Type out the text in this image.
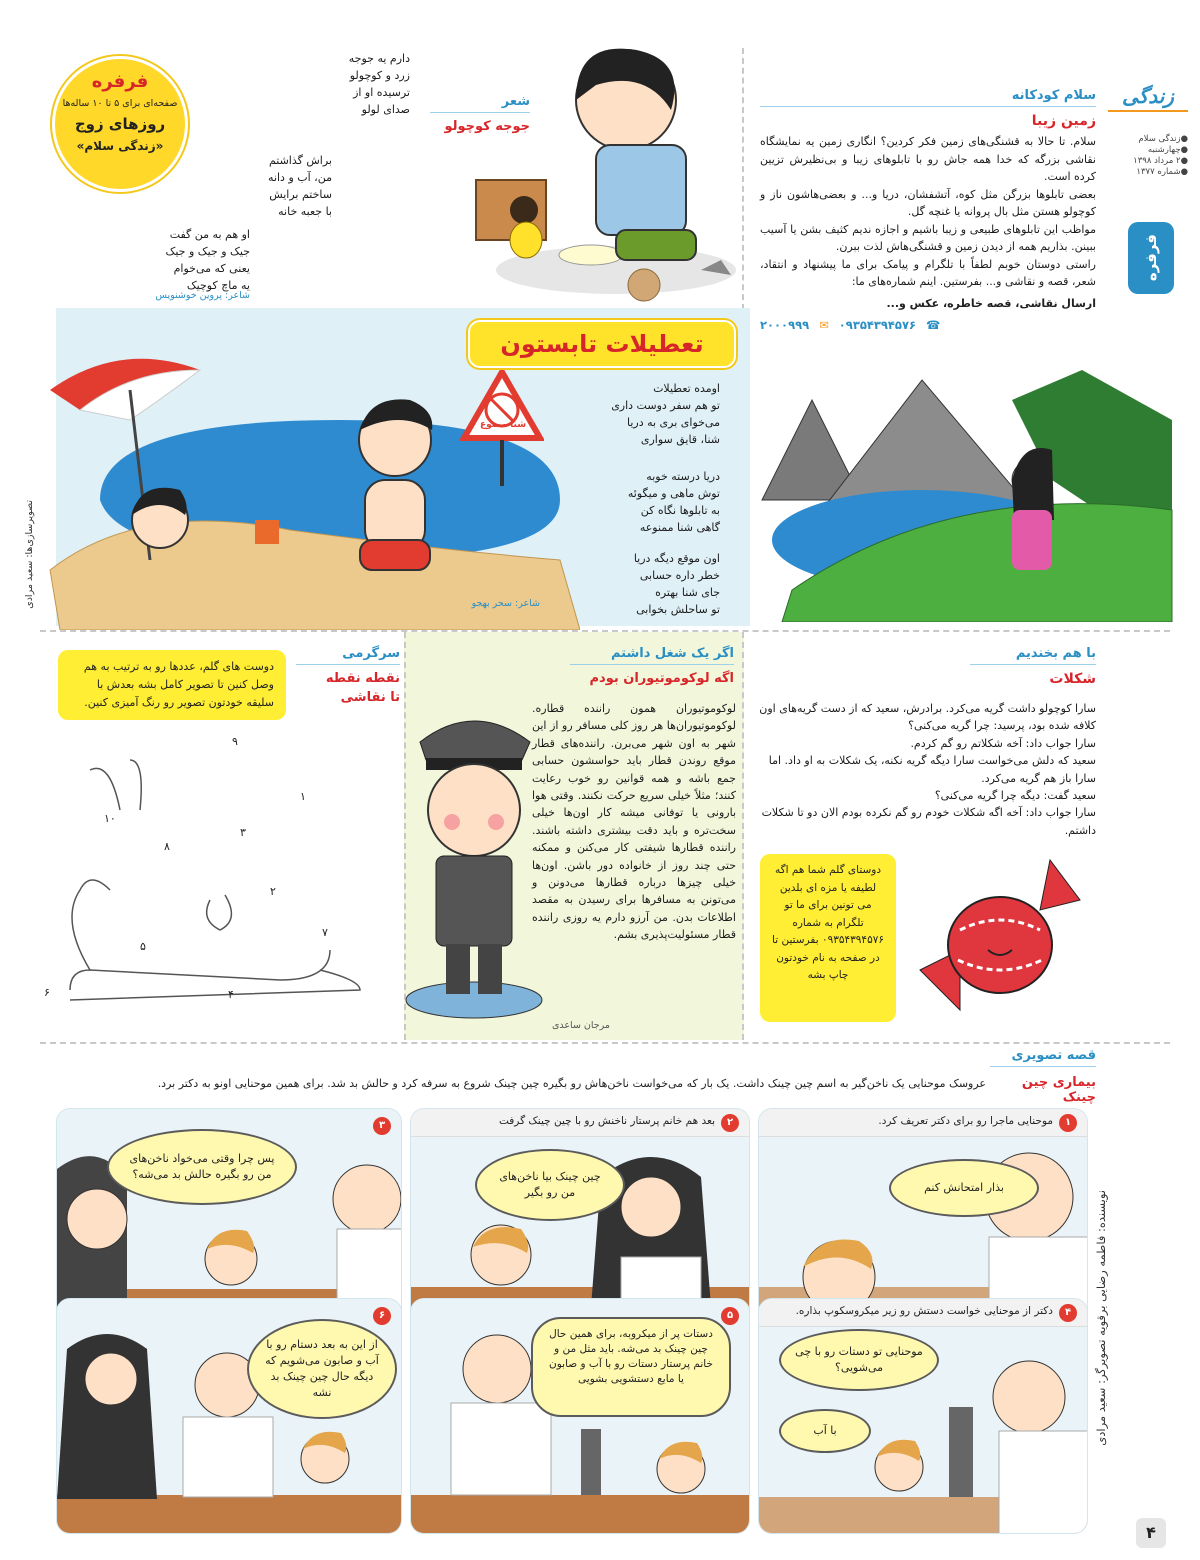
زندگی
●زندگی سلام
●چهارشنبه
●۲ مرداد ۱۳۹۸
●شماره ۱۳۷۷
فرفره
فرفره
صفحه‌ای برای ۵ تا ۱۰ ساله‌ها
روزهای زوج
«زندگی سلام»
دارم یه جوجه
زرد و کوچولو
ترسیده او از
صدای لولو
براش گذاشتم
من، آب و دانه
ساختم برایش
با جعبه خانه
او هم به من گفت
جیک و جیک و جیک
یعنی که می‌خوام
یه ماچ کوچیک
شاعر: پروین خوشنویس
شعر
جوجه کوچولو
سلام کودکانه
زمین زیبا

سلام. تا حالا به قشنگی‌های زمین فکر کردین؟ انگاری زمین یه نمایشگاه نقاشی بزرگه که خدا همه جاش رو با تابلوهای زیبا و بی‌نظیرش تزیین کرده است.

بعضی تابلوها بزرگن مثل کوه، آتشفشان، دریا و... و بعضی‌هاشون ناز و کوچولو هستن مثل بال پروانه یا غنچه گل.

مواظب این تابلوهای طبیعی و زیبا باشیم و اجازه ندیم کثیف بشن یا آسیب ببینن. بذاریم همه از دیدن زمین و قشنگی‌هاش لذت ببرن.

راستی دوستان خوبم لطفاً با تلگرام و پیامک برای ما پیشنهاد و انتقاد، شعر، قصه و نقاشی و... بفرستین. اینم شماره‌های ما:

ارسال نقاشی، قصه خاطره، عکس و...
☎
۰۹۳۵۴۳۹۴۵۷۶
✉
۲۰۰۰۹۹۹
شنا ممنوع
تعطیلات تابستون
اومده تعطیلات
تو هم سفر دوست داری
می‌خوای بری به دریا
شنا، قایق سواری
دریا درسته خوبه
توش ماهی و میگوئه
به تابلوها نگاه کن
گاهی شنا ممنوعه
اون موقع دیگه دریا
خطر داره حسابی
جای شنا بهتره
تو ساحلش بخوابی
شاعر: سحر بهجو
تصویرسازی‌ها: سعید مرادی
سرگرمی
نقطه نقطه
تا نقاشی
دوست های گلم، عددها رو به ترتیب به هم وصل کنین تا تصویر کامل بشه بعدش با سلیقه خودتون تصویر رو رنگ آمیزی کنین.
۹
۱۰
۸
۳
۲
۷
۵
۴
۶
۱
اگر یک شغل داشتم
اگه لوکوموتیوران بودم
لوکوموتیوران همون راننده قطاره. لوکوموتیوران‌ها هر روز کلی مسافر رو از این شهر به اون شهر می‌برن. راننده‌های قطار موقع روندن قطار باید حواسشون حسابی جمع باشه و همه قوانین رو خوب رعایت کنند؛ مثلاً خیلی سریع حرکت نکنند. وقتی هوا بارونی یا توفانی میشه کار اون‌ها خیلی سخت‌تره و باید دقت بیشتری داشته باشند. راننده قطارها شیفتی کار می‌کنن و ممکنه حتی چند روز از خانواده دور باشن. اون‌ها خیلی چیزها درباره قطارها می‌دونن و می‌تونن به مسافرها برای رسیدن به مقصد اطلاعات بدن. من آرزو دارم یه روزی راننده قطار مسئولیت‌پذیری بشم.
مرجان ساعدی
با هم بخندیم
شکلات

سارا کوچولو داشت گریه می‌کرد. برادرش، سعید که از دست گریه‌های اون کلافه شده بود، پرسید: چرا گریه می‌کنی؟

سارا جواب داد: آخه شکلاتم رو گم کردم.

سعید که دلش می‌خواست سارا دیگه گریه نکنه، یک شکلات به او داد. اما سارا باز هم گریه می‌کرد.

سعید گفت: دیگه چرا گریه می‌کنی؟

سارا جواب داد: آخه اگه شکلات خودم رو گم نکرده بودم الان دو تا شکلات داشتم.

دوستای گلم شما هم اگه لطیفه یا مزه ای بلدین می تونین برای ما تو تلگرام به شماره ۰۹۳۵۴۳۹۴۵۷۶ بفرستین تا در صفحه به نام خودتون چاپ بشه
قصه تصویری
بیماری چین چینک
عروسک موحنایی یک ناخن‌گیر به اسم چین چینک داشت. یک بار که می‌خواست ناخن‌هاش رو بگیره چین چینک شروع به سرفه کرد و حالش بد شد. برای همین موحنایی اونو به دکتر برد.
نویسنده: فاطمه رضایی برقویه تصویرگر: سعید مرادی
۴
موحنایی ماجرا رو برای دکتر تعریف کرد.	۱
بذار امتحانش کنم
بعد هم خانم پرستار ناخنش رو با چین چینک گرفت	۲
چین چینک بیا ناخن‌های من رو بگیر
۳
پس چرا وقتی می‌خواد ناخن‌های من رو بگیره حالش بد می‌شه؟
دکتر از موحنایی خواست دستش رو زیر میکروسکوپ بذاره.	۴
موحنایی تو دستات رو با چی می‌شویی؟
با آب
۵
دستات پر از میکروبه، برای همین حال چین چینک بد می‌شه. باید مثل من و خانم پرستار دستات رو با آب و صابون یا مایع دستشویی بشویی
۶
از این به بعد دستام رو با آب و صابون می‌شویم که دیگه حال چین چینک بد نشه
